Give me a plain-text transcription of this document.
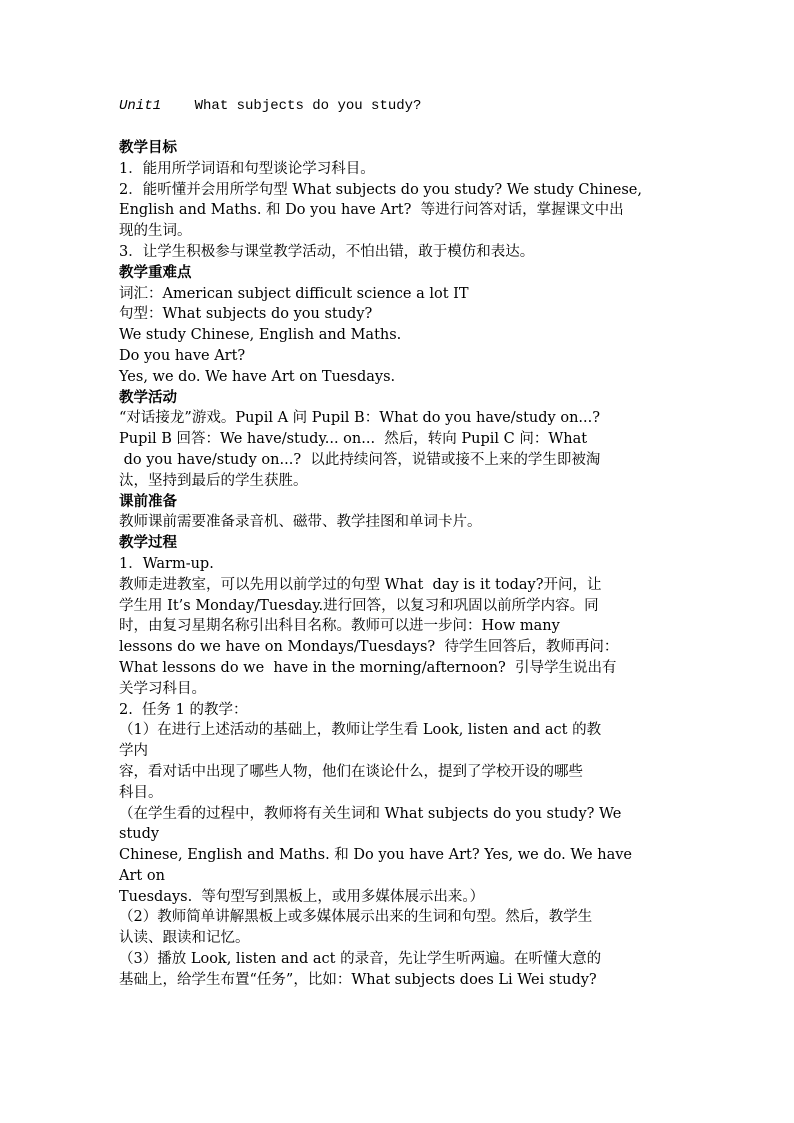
Unit1    What subjects do you study?
教学目标
1．能用所学词语和句型谈论学习科目。
2．能听懂并会用所学句型 What subjects do you study? We study Chinese,
English and Maths. 和 Do you have Art?  等进行问答对话，掌握课文中出
现的生词。
3．让学生积极参与课堂教学活动，不怕出错，敢于模仿和表达。
教学重难点
词汇：American subject difficult science a lot IT
句型：What subjects do you study?
We study Chinese, English and Maths.
Do you have Art?
Yes, we do. We have Art on Tuesdays.
教学活动
“对话接龙”游戏。Pupil A 问 Pupil B：What do you have/study on...?
Pupil B 回答：We have/study... on...  然后，转向 Pupil C 问：What
do you have/study on...?  以此持续问答，说错或接不上来的学生即被淘
汰，坚持到最后的学生获胜。
课前准备
教师课前需要准备录音机、磁带、教学挂图和单词卡片。
教学过程
1．Warm-up.
教师走进教室，可以先用以前学过的句型 What  day is it today?开问，让
学生用 It’s Monday/Tuesday.进行回答，以复习和巩固以前所学内容。同
时，由复习星期名称引出科目名称。教师可以进一步问：How many
lessons do we have on Mondays/Tuesdays?  待学生回答后，教师再问：
What lessons do we  have in the morning/afternoon?  引导学生说出有
关学习科目。
2.  任务 1 的教学：
（1）在进行上述活动的基础上，教师让学生看 Look, listen and act 的教
学内
容，看对话中出现了哪些人物，他们在谈论什么，提到了学校开设的哪些
科目。
（在学生看的过程中，教师将有关生词和 What subjects do you study? We
study
Chinese, English and Maths. 和 Do you have Art? Yes, we do. We have
Art on
Tuesdays.  等句型写到黑板上，或用多媒体展示出来。）
（2）教师简单讲解黑板上或多媒体展示出来的生词和句型。然后，教学生
认读、跟读和记忆。
（3）播放 Look, listen and act 的录音，先让学生听两遍。在听懂大意的
基础上，给学生布置“任务”，比如：What subjects does Li Wei study?
